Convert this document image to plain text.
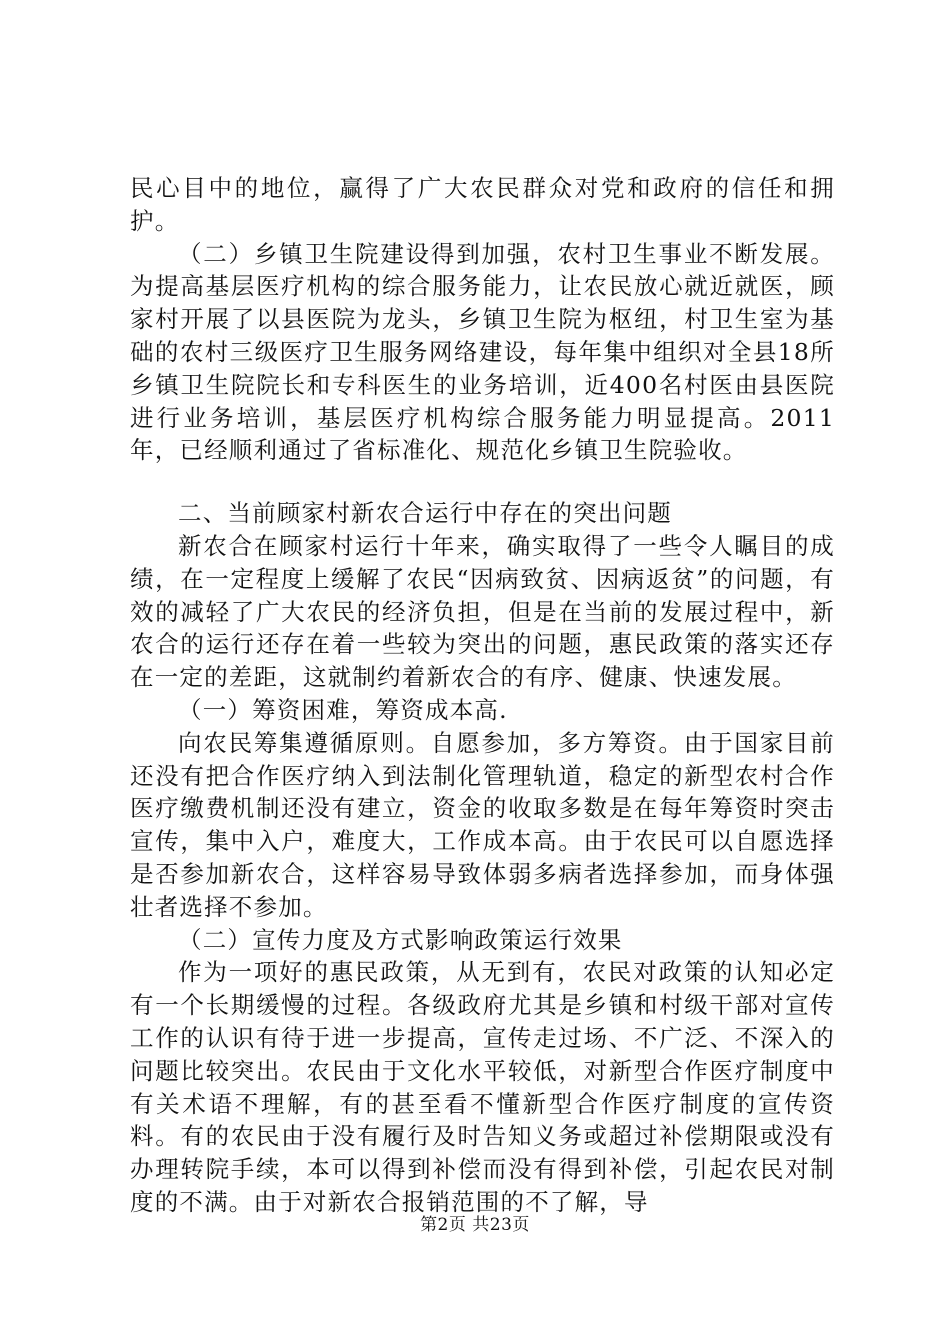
民心目中的地位，赢得了广大农民群众对党和政府的信任和拥护。

（二）乡镇卫生院建设得到加强，农村卫生事业不断发展。为提高基层医疗机构的综合服务能力，让农民放心就近就医，顾家村开展了以县医院为龙头，乡镇卫生院为枢纽，村卫生室为基础的农村三级医疗卫生服务网络建设，每年集中组织对全县18所乡镇卫生院院长和专科医生的业务培训，近400名村医由县医院进行业务培训，基层医疗机构综合服务能力明显提高。2011年，已经顺利通过了省标准化、规范化乡镇卫生院验收。

二、当前顾家村新农合运行中存在的突出问题

新农合在顾家村运行十年来，确实取得了一些令人瞩目的成绩，在一定程度上缓解了农民“因病致贫、因病返贫”的问题，有效的减轻了广大农民的经济负担，但是在当前的发展过程中，新农合的运行还存在着一些较为突出的问题，惠民政策的落实还存在一定的差距，这就制约着新农合的有序、健康、快速发展。

（一）筹资困难，筹资成本高.

向农民筹集遵循原则。自愿参加，多方筹资。由于国家目前还没有把合作医疗纳入到法制化管理轨道，稳定的新型农村合作医疗缴费机制还没有建立，资金的收取多数是在每年筹资时突击宣传，集中入户，难度大，工作成本高。由于农民可以自愿选择是否参加新农合，这样容易导致体弱多病者选择参加，而身体强壮者选择不参加。

（二）宣传力度及方式影响政策运行效果

作为一项好的惠民政策，从无到有，农民对政策的认知必定有一个长期缓慢的过程。各级政府尤其是乡镇和村级干部对宣传工作的认识有待于进一步提高，宣传走过场、不广泛、不深入的问题比较突出。农民由于文化水平较低，对新型合作医疗制度中有关术语不理解，有的甚至看不懂新型合作医疗制度的宣传资料。有的农民由于没有履行及时告知义务或超过补偿期限或没有办理转院手续，本可以得到补偿而没有得到补偿，引起农民对制度的不满。由于对新农合报销范围的不了解，导

第2页 共23页
